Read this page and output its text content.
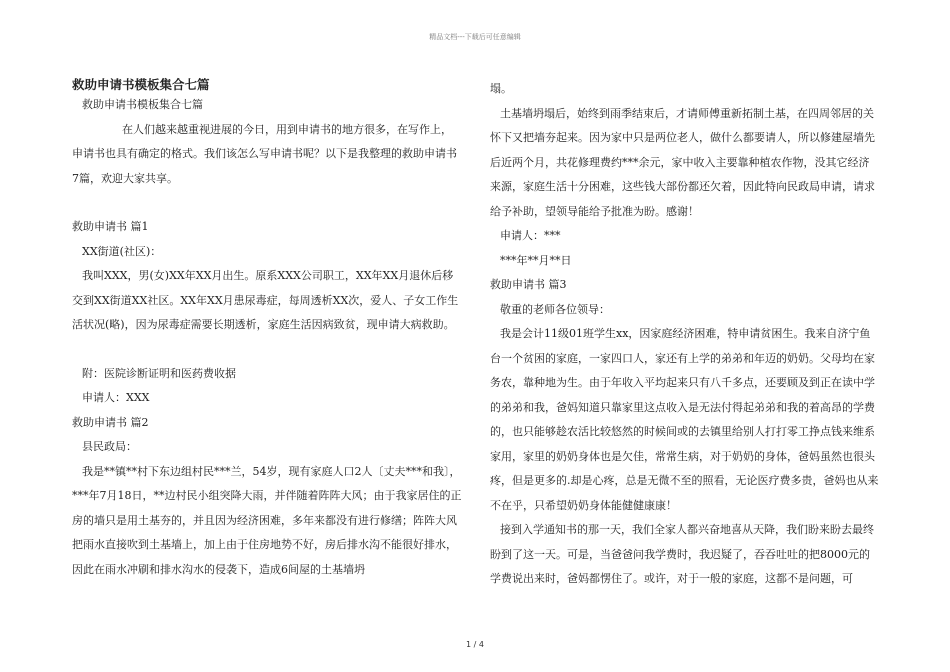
精品文档---下载后可任意编辑

救助申请书模板集合七篇

救助申请书模板集合七篇

在人们越来越重视进展的今日，用到申请书的地方很多，在写作上，申请书也具有确定的格式。我们该怎么写申请书呢？以下是我整理的救助申请书7篇，欢迎大家共享。

救助申请书 篇1

XX街道(社区)：

我叫XXX，男(女)XX年XX月出生。原系XXX公司职工，XX年XX月退休后移交到XX街道XX社区。XX年XX月患尿毒症，每周透析XX次，爱人、子女工作生活状况(略)，因为尿毒症需要长期透析，家庭生活因病致贫，现申请大病救助。

附：医院诊断证明和医药费收据

申请人：XXX

救助申请书 篇2

县民政局：

我是**镇**村下东边组村民***兰，54岁，现有家庭人口2人〔丈夫***和我〕，***年7月18日，**边村民小组突降大雨，并伴随着阵阵大风；由于我家居住的正房的墙只是用土基夯的，并且因为经济困难，多年来都没有进行修缮；阵阵大风把雨水直接吹到土基墙上，加上由于住房地势不好，房后排水沟不能很好排水，因此在雨水冲刷和排水沟水的侵袭下，造成6间屋的土基墙坍

塌。

土基墙坍塌后，始终到雨季结束后，才请师傅重新拓制土基，在四周邻居的关怀下又把墙夯起来。因为家中只是两位老人，做什么都要请人，所以修建屋墙先后近两个月，共花修理费约***余元，家中收入主要靠种植农作物，没其它经济来源，家庭生活十分困难，这些钱大部份都还欠着，因此特向民政局申请，请求给予补助，望领导能给予批准为盼。感谢！

申请人：***

***年**月**日

救助申请书 篇3

敬重的老师各位领导：

我是会计11级01班学生xx，因家庭经济困难，特申请贫困生。我来自济宁鱼台一个贫困的家庭，一家四口人，家还有上学的弟弟和年迈的奶奶。父母均在家务农，靠种地为生。由于年收入平均起来只有八千多点，还要顾及到正在读中学的弟弟和我，爸妈知道只靠家里这点收入是无法付得起弟弟和我的着高昂的学费的，也只能够趁农活比较悠然的时候间或的去镇里给别人打打零工挣点钱来维系家用，家里的奶奶身体也是欠佳，常常生病，对于奶奶的身体，爸妈虽然也很头疼，但是更多的.却是心疼，总是无微不至的照看，无论医疗费多贵，爸妈也从来不在乎，只希望奶奶身体能健健康康！

接到入学通知书的那一天，我们全家人都兴奋地喜从天降，我们盼来盼去最终盼到了这一天。可是，当爸爸问我学费时，我迟疑了，吞吞吐吐的把8000元的学费说出来时，爸妈都愣住了。或许，对于一般的家庭，这都不是问题，可

1 / 4
